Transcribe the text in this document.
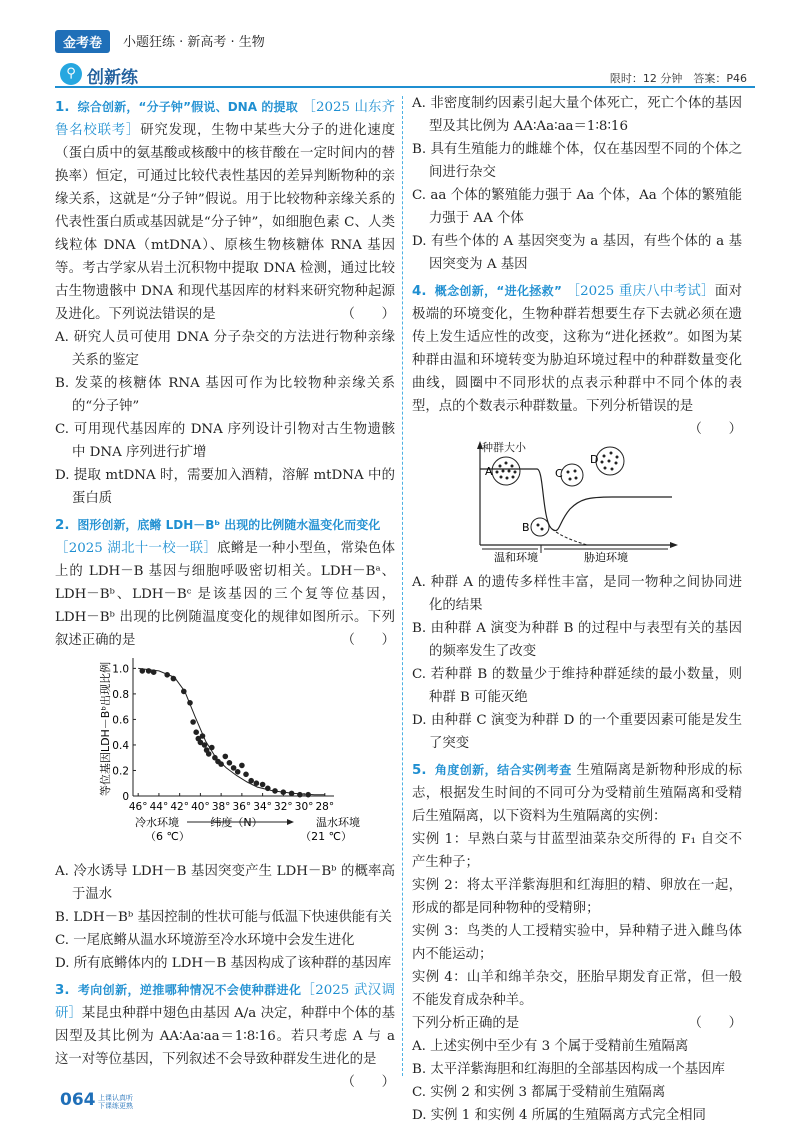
金考卷	小题狂练 · 新高考 · 生物
⚲ 创新练	限时：12 分钟　答案：P46
1. 综合创新，“分子钟”假说、DNA 的提取 ［2025 山东齐鲁名校联考］研究发现，生物中某些大分子的进化速度（蛋白质中的氨基酸或核酸中的核苷酸在一定时间内的替换率）恒定，可通过比较代表性基因的差异判断物种的亲缘关系，这就是“分子钟”假说。用于比较物种亲缘关系的代表性蛋白质或基因就是“分子钟”，如细胞色素 C、人类线粒体 DNA（mtDNA）、原核生物核糖体 RNA 基因等。考古学家从岩土沉积物中提取 DNA 检测，通过比较古生物遗骸中 DNA 和现代基因库的材料来研究物种起源及进化。下列说法错误的是	（　　）
A. 研究人员可使用 DNA 分子杂交的方法进行物种亲缘关系的鉴定
B. 发菜的核糖体 RNA 基因可作为比较物种亲缘关系的“分子钟”
C. 可用现代基因库的 DNA 序列设计引物对古生物遗骸中 DNA 序列进行扩增
D. 提取 mtDNA 时，需要加入酒精，溶解 mtDNA 中的蛋白质
2. 图形创新，底鳉 LDH－Bᵇ 出现的比例随水温变化而变化
［2025 湖北十一校一联］底鳉是一种小型鱼，常染色体上的 LDH－B 基因与细胞呼吸密切相关。LDH－Bᵃ、LDH－Bᵇ、LDH－Bᶜ 是该基因的三个复等位基因，LDH－Bᵇ 出现的比例随温度变化的规律如图所示。下列叙述正确的是	（　　）
等位基因LDH－Bᵇ出现比例 1.0
0.8
0.6
0.4
0.2
0
46° 44° 42° 40° 38° 36° 34° 32° 30° 28°
冷水环境
（6 ℃）
纬度（N）	温水环境
（21 ℃）
A. 冷水诱导 LDH－B 基因突变产生 LDH－Bᵇ 的概率高于温水
B. LDH－Bᵇ 基因控制的性状可能与低温下快速供能有关
C. 一尾底鳉从温水环境游至冷水环境中会发生进化
D. 所有底鳉体内的 LDH－B 基因构成了该种群的基因库
3. 考向创新，逆推哪种情况不会使种群进化［2025 武汉调研］某昆虫种群中翅色由基因 A/a 决定，种群中个体的基因型及其比例为 AA∶Aa∶aa＝1∶8∶16。若只考虑 A 与 a 这一对等位基因，下列叙述不会导致种群发生进化的是
（　　）
A. 非密度制约因素引起大量个体死亡，死亡个体的基因型及其比例为 AA∶Aa∶aa＝1∶8∶16
B. 具有生殖能力的雌雄个体，仅在基因型不同的个体之间进行杂交
C. aa 个体的繁殖能力强于 Aa 个体，Aa 个体的繁殖能力强于 AA 个体
D. 有些个体的 A 基因突变为 a 基因，有些个体的 a 基因突变为 A 基因
4. 概念创新，“进化拯救” ［2025 重庆八中考试］面对极端的环境变化，生物种群若想要生存下去就必须在遗传上发生适应性的改变，这称为“进化拯救”。如图为某种群由温和环境转变为胁迫环境过程中的种群数量变化曲线，圆圈中不同形状的点表示种群中不同个体的表型，点的个数表示种群数量。下列分析错误的是
（　　）
种群大小
A
B
C
D
温和环境	胁迫环境
A. 种群 A 的遗传多样性丰富，是同一物种之间协同进化的结果
B. 由种群 A 演变为种群 B 的过程中与表型有关的基因的频率发生了改变
C. 若种群 B 的数量少于维持种群延续的最小数量，则种群 B 可能灭绝
D. 由种群 C 演变为种群 D 的一个重要因素可能是发生了突变
5. 角度创新，结合实例考查 生殖隔离是新物种形成的标志，根据发生时间的不同可分为受精前生殖隔离和受精后生殖隔离，以下资料为生殖隔离的实例：
实例 1：早熟白菜与甘蓝型油菜杂交所得的 F₁ 自交不产生种子；
实例 2：将太平洋紫海胆和红海胆的精、卵放在一起，形成的都是同种物种的受精卵；
实例 3：鸟类的人工授精实验中，异种精子进入雌鸟体内不能运动；
实例 4：山羊和绵羊杂交，胚胎早期发育正常，但一般不能发育成杂种羊。
下列分析正确的是	（　　）
A. 上述实例中至少有 3 个属于受精前生殖隔离
B. 太平洋紫海胆和红海胆的全部基因构成一个基因库
C. 实例 2 和实例 3 都属于受精前生殖隔离
D. 实例 1 和实例 4 所属的生殖隔离方式完全相同
064 上课认真听 下课练更熟
